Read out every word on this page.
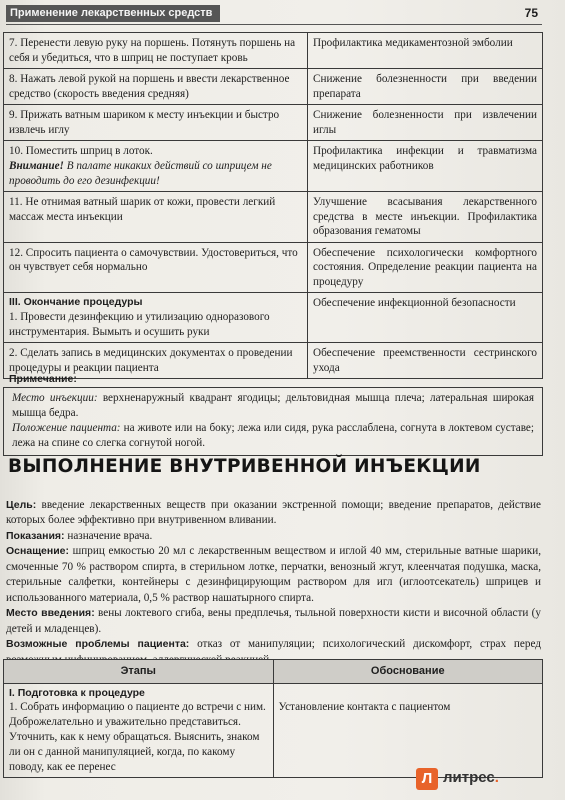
Применение лекарственных средств	75
7. Перенести левую руку на поршень. Потянуть поршень на себя и убедиться, что в шприц не поступает кровь	Профилактика медикаментозной эмболии
8. Нажать левой рукой на поршень и ввести лекарственное средство (скорость введения средняя)	Снижение болезненности при введении препарата
9. Прижать ватным шариком к месту инъекции и быстро извлечь иглу	Снижение болезненности при извлечении иглы

10. Поместить шприц в лоток.
Внимание! В палате никаких действий со шприцем не проводить до его дезинфекции!	Профилактика инфекции и травматизма медицинских работников
11. Не отнимая ватный шарик от кожи, провести легкий массаж места инъекции	Улучшение всасывания лекарственного средства в месте инъекции. Профилактика образования гематомы
12. Спросить пациента о самочувствии. Удостовериться, что он чувствует себя нормально	Обеспечение психологически комфортного состояния. Определение реакции пациента на процедуру

III. Окончание процедуры
1. Провести дезинфекцию и утилизацию одноразового инструментария. Вымыть и осушить руки	Обеспечение инфекционной безопасности
2. Сделать запись в медицинских документах о проведении процедуры и реакции пациента	Обеспечение преемственности сестринского ухода
Примечание:
Место инъекции: верхненаружный квадрант ягодицы; дельтовидная мышца плеча; латеральная широкая мышца бедра.
Положение пациента: на животе или на боку; лежа или сидя, рука расслаблена, согнута в локтевом суставе; лежа на спине со слегка согнутой ногой.
ВЫПОЛНЕНИЕ ВНУТРИВЕННОЙ ИНЪЕКЦИИ

Цель: введение лекарственных веществ при оказании экстренной помощи; введение препаратов, действие которых более эффективно при внутривенном вливании.

Показания: назначение врача.

Оснащение: шприц емкостью 20 мл с лекарственным веществом и иглой 40 мм, стерильные ватные шарики, смоченные 70 % раствором спирта, в стерильном лотке, перчатки, венозный жгут, клеенчатая подушка, маска, стерильные салфетки, контейнеры с дезинфицирующим раствором для игл (иглоотсекатель) шприцев и использованного материала, 0,5 % раствор нашатырного спирта.

Место введения: вены локтевого сгиба, вены предплечья, тыльной поверхности кисти и височной области (у детей и младенцев).

Возможные проблемы пациента: отказ от манипуляции; психологический дискомфорт, страх перед

Этапы	Обоснование

I. Подготовка к процедуре
1. Собрать информацию о пациенте до встречи с ним. Доброжелательно и уважительно представиться. Уточнить, как к нему обращаться. Выяснить, знаком ли он с данной манипуляцией, когда, по какому поводу, как ее перенес	Установление контакта с пациентом
Л литрес.
